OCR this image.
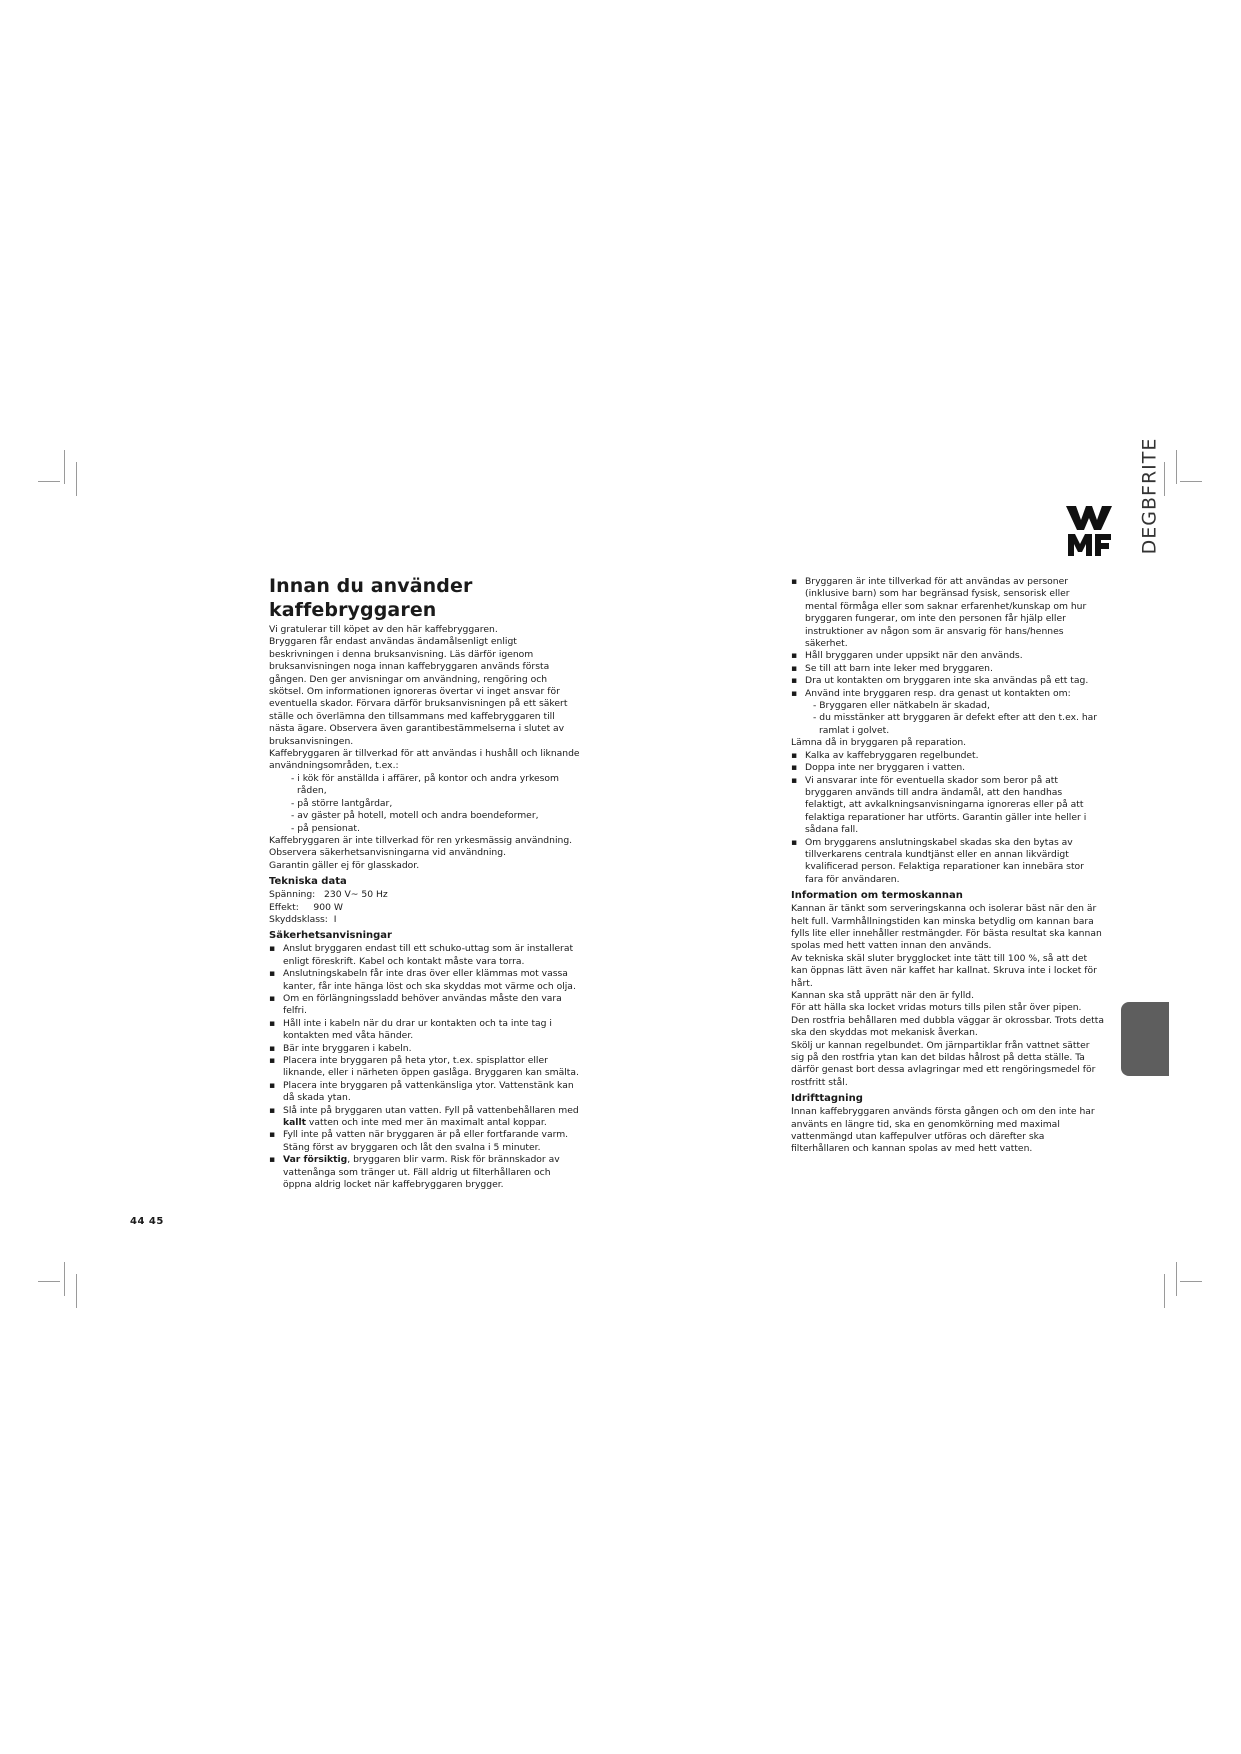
DEGBFRITE
44 45
Innan du använder kaffebryggaren

Vi gratulerar till köpet av den här kaffebryggaren.

Bryggaren får endast användas ändamålsenligt enligt beskrivningen i denna bruksanvisning. Läs därför igenom bruksanvisningen noga innan kaffebryggaren används första gången. Den ger anvisningar om användning, rengöring och skötsel. Om informationen ignoreras övertar vi inget ansvar för eventuella skador. Förvara därför bruksanvisningen på ett säkert ställe och överlämna den tillsammans med kaffebryggaren till nästa ägare. Observera även garantibestämmelserna i slutet av bruksanvisningen.

Kaffebryggaren är tillverkad för att användas i hushåll och liknande användningsområden, t.ex.:

- i kök för anställda i affärer, på kontor och andra yrkesom råden,

- på större lantgårdar,

- av gäster på hotell, motell och andra boendeformer,

- på pensionat.

Kaffebryggaren är inte tillverkad för ren yrkesmässig användning.

Observera säkerhetsanvisningarna vid användning.

Garantin gäller ej för glasskador.

Tekniska data

Spänning:   230 V~ 50 Hz

Effekt:     900 W

Skyddsklass:  I

Säkerhetsanvisningar

▪ Anslut bryggaren endast till ett schuko-uttag som är installerat enligt föreskrift. Kabel och kontakt måste vara torra.

▪ Anslutningskabeln får inte dras över eller klämmas mot vassa kanter, får inte hänga löst och ska skyddas mot värme och olja.

▪ Om en förlängningssladd behöver användas måste den vara felfri.

▪ Håll inte i kabeln när du drar ur kontakten och ta inte tag i kontakten med våta händer.

▪ Bär inte bryggaren i kabeln.

▪ Placera inte bryggaren på heta ytor, t.ex. spisplattor eller liknande, eller i närheten öppen gaslåga. Bryggaren kan smälta.

▪ Placera inte bryggaren på vattenkänsliga ytor. Vattenstänk kan då skada ytan.

▪ Slå inte på bryggaren utan vatten. Fyll på vattenbehållaren med kallt vatten och inte med mer än maximalt antal koppar.

▪ Fyll inte på vatten när bryggaren är på eller fortfarande varm. Stäng först av bryggaren och låt den svalna i 5 minuter.

▪ Var försiktig, bryggaren blir varm. Risk för brännskador av vattenånga som tränger ut. Fäll aldrig ut filterhållaren och öppna aldrig locket när kaffebryggaren brygger.

▪ Bryggaren är inte tillverkad för att användas av personer (inklusive barn) som har begränsad fysisk, sensorisk eller mental förmåga eller som saknar erfarenhet/kunskap om hur bryggaren fungerar, om inte den personen får hjälp eller instruktioner av någon som är ansvarig för hans/hennes säkerhet.

▪ Håll bryggaren under uppsikt när den används.

▪ Se till att barn inte leker med bryggaren.

▪ Dra ut kontakten om bryggaren inte ska användas på ett tag.

▪ Använd inte bryggaren resp. dra genast ut kontakten om:

- Bryggaren eller nätkabeln är skadad,

- du misstänker att bryggaren är defekt efter att den t.ex. har ramlat i golvet.

Lämna då in bryggaren på reparation.

▪ Kalka av kaffebryggaren regelbundet.

▪ Doppa inte ner bryggaren i vatten.

▪ Vi ansvarar inte för eventuella skador som beror på att bryggaren används till andra ändamål, att den handhas felaktigt, att avkalkningsanvisningarna ignoreras eller på att felaktiga reparationer har utförts. Garantin gäller inte heller i sådana fall.

▪ Om bryggarens anslutningskabel skadas ska den bytas av tillverkarens centrala kundtjänst eller en annan likvärdigt kvalificerad person. Felaktiga reparationer kan innebära stor fara för användaren.

Information om termoskannan

Kannan är tänkt som serveringskanna och isolerar bäst när den är helt full. Varmhållningstiden kan minska betydlig om kannan bara fylls lite eller innehåller restmängder. För bästa resultat ska kannan spolas med hett vatten innan den används.

Av tekniska skäl sluter brygglocket inte tätt till 100 %, så att det kan öppnas lätt även när kaffet har kallnat. Skruva inte i locket för hårt.

Kannan ska stå upprätt när den är fylld.

För att hälla ska locket vridas moturs tills pilen står över pipen.

Den rostfria behållaren med dubbla väggar är okrossbar. Trots detta ska den skyddas mot mekanisk åverkan.

Skölj ur kannan regelbundet. Om järnpartiklar från vattnet sätter sig på den rostfria ytan kan det bildas hålrost på detta ställe. Ta därför genast bort dessa avlagringar med ett rengöringsmedel för rostfritt stål.

Idrifttagning

Innan kaffebryggaren används första gången och om den inte har använts en längre tid, ska en genomkörning med maximal vattenmängd utan kaffepulver utföras och därefter ska filterhållaren och kannan spolas av med hett vatten.
